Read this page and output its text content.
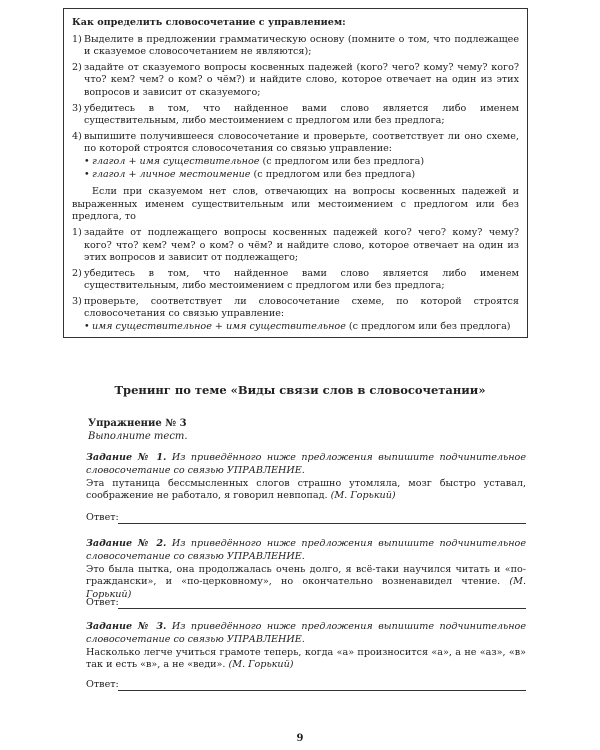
Как определить словосочетание с управлением:

1) Выделите в предложении грамматическую основу (помните о том, что подлежащее и сказуемое словосочетанием не являются);
2) задайте от сказуемого вопросы косвенных падежей (кого? чего? кому? чему? кого? что? кем? чем? о ком? о чём?) и найдите слово, которое отвечает на один из этих вопросов и зависит от сказуемого;
3) убедитесь в том, что найденное вами слово является либо именем существительным, либо местоимением с предлогом или без предлога;
4) выпишите получившееся словосочетание и проверьте, соответствует ли оно схеме, по которой строятся словосочетания со связью управление:
• глагол + имя существительное (с предлогом или без предлога)
• глагол + личное местоимение (с предлогом или без предлога)

Если при сказуемом нет слов, отвечающих на вопросы косвенных падежей и выраженных именем существительным или местоимением с предлогом или без предлога, то

1) задайте от подлежащего вопросы косвенных падежей кого? чего? кому? чему? кого? что? кем? чем? о ком? о чём? и найдите слово, которое отвечает на один из этих вопросов и зависит от подлежащего;
2) убедитесь в том, что найденное вами слово является либо именем существительным, либо местоимением с предлогом или без предлога;
3) проверьте, соответствует ли словосочетание схеме, по которой строятся словосочетания со связью управление:
• имя существительное + имя существительное (с предлогом или без предлога)
Тренинг по теме «Виды связи слов в словосочетании»
Упражнение № 3
Выполните тест.
Задание № 1. Из приведённого ниже предложения выпишите подчинительное словосочетание со связью УПРАВЛЕНИЕ.
Эта путаница бессмысленных слогов страшно утомляла, мозг быстро уставал, соображение не работало, я говорил невпопад. (М. Горький)
Ответ:
Задание № 2. Из приведённого ниже предложения выпишите подчинительное словосочетание со связью УПРАВЛЕНИЕ.
Это была пытка, она продолжалась очень долго, я всё-таки научился читать и «по-граждански», и «по-церковному», но окончательно возненавидел чтение. (М. Горький)
Ответ:
Задание № 3. Из приведённого ниже предложения выпишите подчинительное словосочетание со связью УПРАВЛЕНИЕ.
Насколько легче учиться грамоте теперь, когда «а» произносится «а», а не «аз», «в» так и есть «в», а не «веди». (М. Горький)
Ответ:
9
